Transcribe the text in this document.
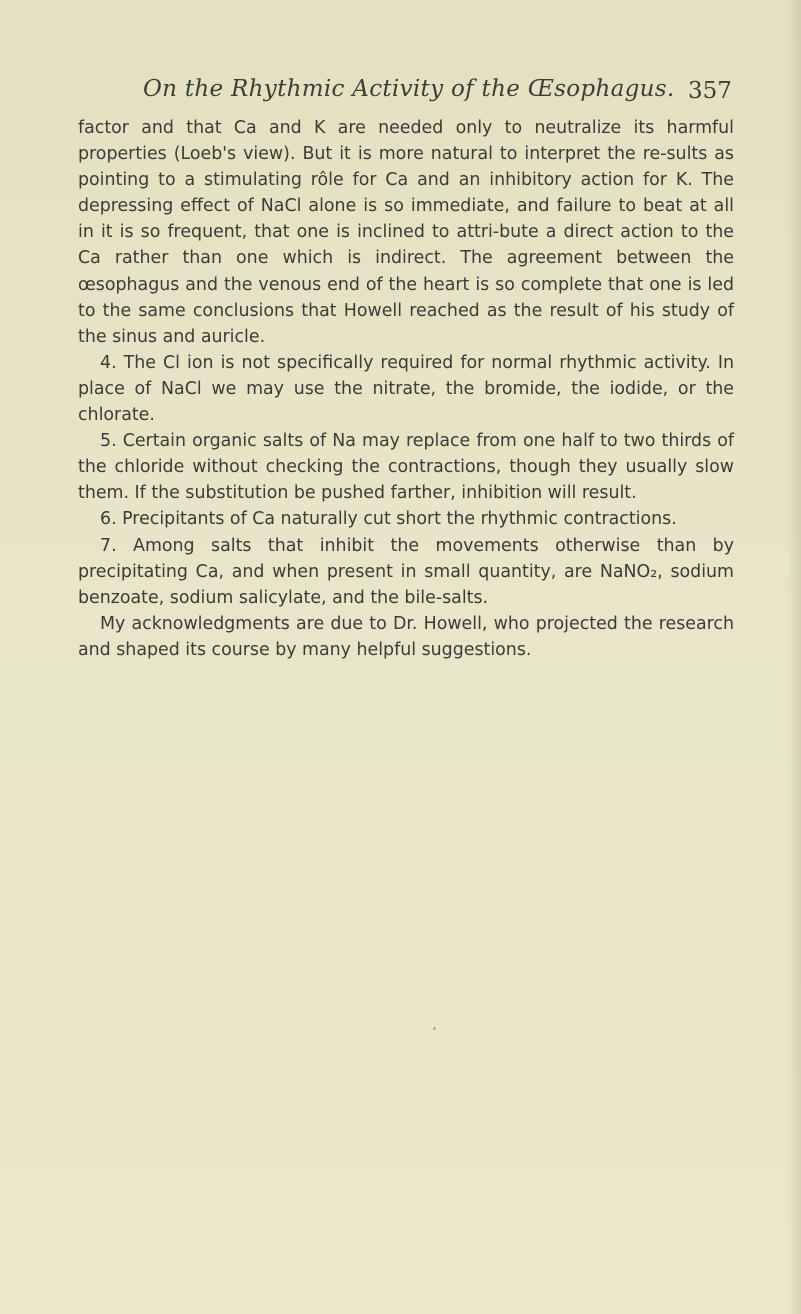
On the Rhythmic Activity of the Œsophagus. 357

factor and that Ca and K are needed only to neutralize its harmful properties (Loeb's view). But it is more natural to interpret the re-sults as pointing to a stimulating rôle for Ca and an inhibitory action for K. The depressing effect of NaCl alone is so immediate, and failure to beat at all in it is so frequent, that one is inclined to attri-bute a direct action to the Ca rather than one which is indirect. The agreement between the œsophagus and the venous end of the heart is so complete that one is led to the same conclusions that Howell reached as the result of his study of the sinus and auricle.

4. The Cl ion is not specifically required for normal rhythmic activity. In place of NaCl we may use the nitrate, the bromide, the iodide, or the chlorate.

5. Certain organic salts of Na may replace from one half to two thirds of the chloride without checking the contractions, though they usually slow them. If the substitution be pushed farther, inhibition will result.

6. Precipitants of Ca naturally cut short the rhythmic contractions.

7. Among salts that inhibit the movements otherwise than by precipitating Ca, and when present in small quantity, are NaNO₂, sodium benzoate, sodium salicylate, and the bile-salts.

My acknowledgments are due to Dr. Howell, who projected the research and shaped its course by many helpful suggestions.
